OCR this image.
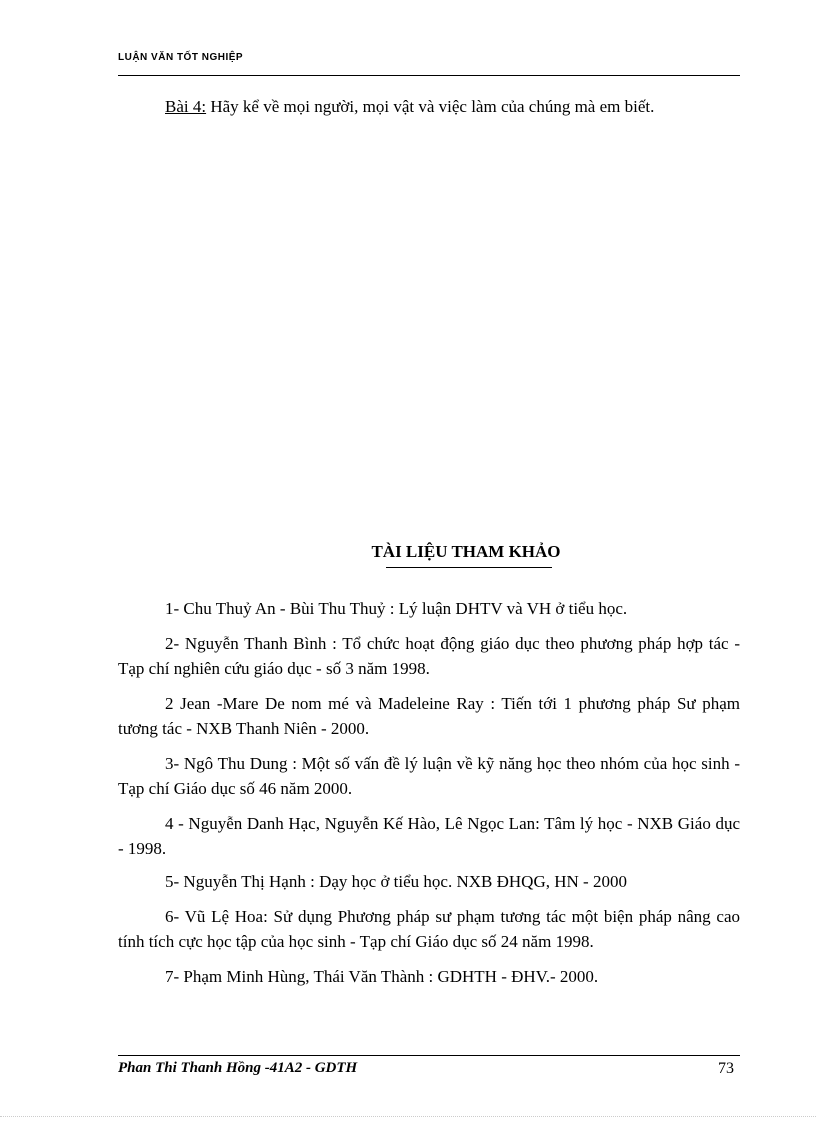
LUẬN VĂN TỐT NGHIỆP
Bài 4: Hãy kể về mọi người, mọi vật và việc làm của chúng mà em biết.
TÀI LIỆU THAM KHẢO
1- Chu Thuỷ An - Bùi Thu Thuỷ : Lý luận DHTV và VH ở tiểu học.
2- Nguyễn Thanh Bình : Tổ chức hoạt động giáo dục theo phương pháp hợp tác - Tạp chí nghiên cứu giáo dục - số 3 năm 1998.
2 Jean -Mare De nom mé và Madeleine Ray : Tiến tới 1 phương pháp Sư phạm tương tác - NXB Thanh Niên - 2000.
3- Ngô Thu Dung : Một số vấn đề lý luận về kỹ năng học theo nhóm của học sinh - Tạp chí Giáo dục số 46 năm 2000.
4 - Nguyễn Danh Hạc, Nguyễn Kế Hào, Lê Ngọc Lan: Tâm lý học - NXB Giáo dục - 1998.
5- Nguyễn Thị Hạnh : Dạy học ở tiểu học. NXB ĐHQG, HN - 2000
6- Vũ Lệ Hoa: Sử dụng Phương pháp sư phạm tương tác một biện pháp nâng cao tính tích cực học tập của học sinh - Tạp chí Giáo dục số 24 năm 1998.
7- Phạm Minh Hùng, Thái Văn Thành : GDHTH - ĐHV.- 2000.
Phan Thi Thanh Hồng -41A2 - GDTH	73
